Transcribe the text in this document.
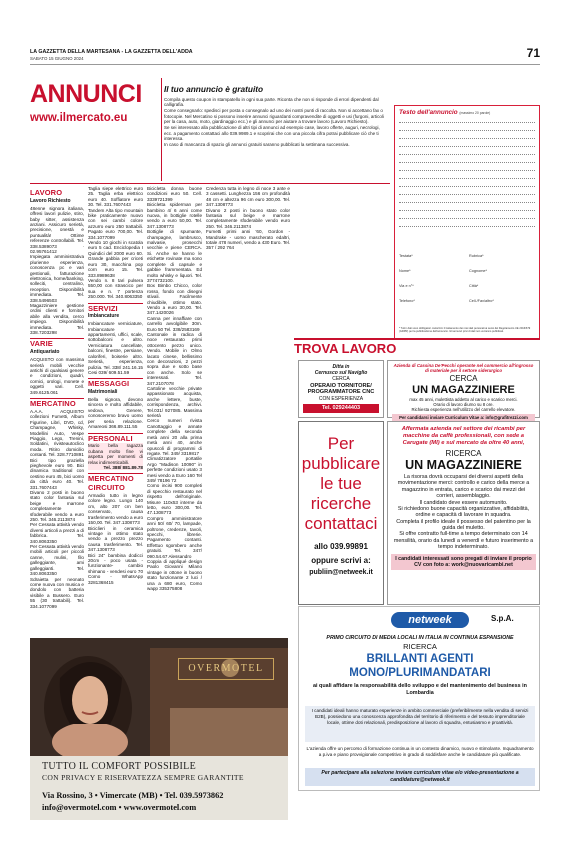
LA GAZZETTA DELLA MARTESANA - LA GAZZETTA DELL'ADDA
SABATO 15 GIUGNO 2024	71
ANNUNCI
www.ilmercato.eu
Il tuo annuncio è gratuito

Compila questo coupon in stampatello in ogni sua parte. Riconta che non si risponde di errori dipendenti dal calligrafia.

Come consegnarlo: spedisci per posta o consegnalo ad uno dei nostri punti di raccolta. Non si accettano fax o fotocopie. Nel Mercatino si possono inserire annunci riguardanti compravendite di oggetti e usi (furgoni, articoli per la casa, auto, moto, giardinaggio ecc.) e gli annunci per aiutare a trovare lavoro (Lavoro Richiesto).

Se sei interessato alla pubblicazione di altri tipi di annunci ad esempio case, lavoro offerte, auguri, necrologi, ecc. a pagamento contattaci allo 039.9989.1 e scoprirai che con una piccola cifra potrai pubblicare ciò che ti interessa.

In caso di mancanza di spazio gli annunci gratuiti saranno pubblicati la settimana successiva.

Testo dell'annuncio (massimo 20 parole)
Testata*	Rubrica*
Nome*	Cognome*
Via e n°*	Città*
Telefono*	Cell./Fax/altro*
* Tutti i dati sono obbligatori. Autorizzo il trattamento dei miei dati personali ai sensi del Regolamento UE 2016/679 (GDPR) per la pubblicazione dell'annuncio. Gli annunci privi di dati non verranno pubblicati.
LAVORO
Lavoro Richiesto

48enne signora italiana, offresi lavori pulizie, stiro, baby sitter, assistenza anziani. Assicuro serietà, precisione, onestà e puntualità! Ottime referenze controllabili. Tel. 338.5389073 · 02.95761412

Impiegata amministrativa plurienne esperienza, conoscenza pc e vari gestionali, fatturazione elettronica, home/banking, solleciti, centralino, reception. Disponibilità immediata. Tel. 338.5496503

Magazziniere gestione ordini clienti e fornitori abile alla vendita, cerco impiego. Disponibilità immediata. Tel. 338.7203298

VARIE
Antiquariato

ACQUISTO con massima serietà mobili vecchie antichi di qualsiasi genere e condizioni, quadri, cornici, orologi, monete e oggetti vari. Cell. 349.6125.061

MERCATINO

A.A.A. ACQUISTO collezioni Fumetti, Album Figurine, Libri, DVD, cd, Champagne, Whisky, Modellini Auto, Vespe Piaggio, Lego, Trenini, Soldatini, rivisteautoclico moda. Ritiro domicilio contanti. Tel. 328.7710891

Bici tipo graziella pieghevole euro 90. Bici dinamica traditional con cestino euro 45, bici uomo da città euro 40. Tel. 331.7607443

Divano 2 posti in buono stato color fantasia sul beige e marrone completamente sfoderabile vendo a euro 250. Tel. 346.2113874

Per Cessata attività vendo diversi articoli a prezzi a di fabbrica. Tel. 340.8063350

Per Cessata attività vendo mobili articoli per piccoli canne, mulini, filo galleggiante, ami galleggianti. Tel. 340.8063350

Sdraietta per neonato come nuova con musica e dondolo con batteria visibile a Bussero. Euro 55 (30 trattabili). Tel. 334.1077099

Taglia siepe elettrico euro 25. Taglia erba elettrico euro 40. Soffiatore euro 30. Tel. 331.7607443

Tandem Alta tipo mountain bike praticamente nuovo con sei cambi colore azzurro euro 250 trattabili. Pagato euro 700,00. Tel. 334.1077099

Vendo 10 giochi in scatola euro 5 cad. Enciclopedia I Quindici del 2000 euro 60. Grande gabbia per criceti euro 30, macchina pop corn euro 15. Tel. 333.8989638

Vendo n. 8 tari pulsera 550,00 con strascico per sua e n. 7 portenza 250.000. Tel. 340.8063350

SERVIZI
Imbiancature

Imbiancature verniciature, Imbiancature appartamenti, uffici, scale, sottobalconi e altro. Verniciatura cancellate, balconi, finestre, persiane, caloriferi, boiserie altro. Serietà, esperienza, pulizia. Tel. 338/ 241.16.15 Cesi 039/ 609.51.59

MESSAGGI
Matrimoniali

Bella signora, devono sincera e molto affidabile, vedova, Genere, conosceremo bravo uomo per seria relazione. Amareosi 366.89.111.55

PERSONALI

Mario bella ragazza cubana molto fine vi aspetta per momenti di relax indimenticabili.

Tel. 388/ 881.89.78

MERCATINO CIRCUITO

Armadio tutto in legno colore legno. Lungo 140 cm, alto 207 cm ben conservato, causa trasferimento vendo a euro 150,00. Tel. 347.1308773

Biciclieri in ceramica vintage in ottimo stato vendo a prezzo prezzo causa trasferimento. Tel. 347.1308773

Bici 24" bambina dodicci 20cm - poco usata - funzionante- cambio shimano - vendesi euro 70 Como - WhatsApp 3281368415

Bicicletta donna buone condizioni euro 50. Cell. 3339721399

Bicicletta spiderman per bambino 4/ 6 anni come nuova, in bottiglie rotelle vendo a euro 50,00. Tel. 347.1308773

Bottiglie di spumante, champagne, lambrusco, malvasie, prosecchi vecchie e piene CERCA. Si. Anche se hanno le etichette rovinate ma sono complete di capsule e gabbie frammentata. Ed molto whisky e liquori. Tel. 3774732100.

Box Bimbo Chicco, color rosso, fondo con disegni stivali. Facilmente chiudibile, ottimo stato. Vendo a euro 30,00. Tel. 347.1420026

Canna per innaffiare con carrello avvolgibile 30m. Euro 50 Tel. 338/2583169

Cantonale in radica di noce restaurato primi ottocento pezzo unico. Vendo. Mobile in Olmo lacato cinese, bellissimo con decorazioni, 2 pezzi sopra due e sotto base con anche. Solo se interessati. Tel. 347.2107078

Cartoline vecchie private appassionato acquista, anche lettere, buste, corrispondenza, archivi. Tel.031/ 927085. Massima serietà

Cerco numeri rivista Canottaggio e annate complete della seconda metà anni 20 alla prima metà anni 40, anche opuscoli di programmi di regate. Tel. 349/ 3319817

Climatizzatore portatile Argo "Madison 10090" in perfette condizioni usato 3 mesi vendo a Euro 160 Tel 349/ 78196 72

Como incisi 900 completi di specchio restaurato nel rispetto dell'originale. Misure 110x53 interne da letto, euro 300,00. Tel. 47.1308773

Compro amministratore anni 50/ 60/ 70, lampade, poltrone, credenze, tavoli, specchi, librerie. Pagamento contanti. Effettuo sgombero anche gratuiti. Tel. 347/ 090.54.67 Alessandro

Coppia di appliqué design Paolo Giovanni Milano vintage in ottone in buono stato funzionante 2 luci / una a 680 euro, Como wapp 335375808

Credenza tutta in legno di noce 3 ante e 3 cassetti. Lunghezza 156 cm profondità 48 cm e altezza 96 cm euro 300,00. Tel. 347.1308773

Divano 2 posti in buono stato color fantasia sul beige e marrone completamente sfoderabile vendo euro 250. Tel. 346.2113874

Fumetti primi anni '60, Gordon - Mandrake - uomo mascherato edaltri, totale 478 numeri, vendo a 430 Euro. Tel. 357 / 292 764

TROVA LAVORO
Ditta in
Cernusco sul Naviglio
CERCA
OPERAIO TORNITORE/ PROGRAMMATORE CNC
CON ESPERIENZA
Tel. 029244403
Azienda di Cassina De'Pecchi operante nel commercio all'ingrosso di materiale per il settore siderurgico
CERCA
UN MAGAZZINIERE
max 45 anni, mulettista addetto al carico e scarico merci.
Orario di lavoro diurno su 8 ore.
Richiesta esperienza nell'utilizzo del carrello elevatore.
Per candidarsi inviare Curriculum Vitae a: info@grafitrezzi.com
Per
pubblicare
le tue
ricerche
contattaci
allo 039.99891
oppure scrivi a:
publiin@netweek.it
Affermata azienda nel settore dei ricambi per macchine da caffè professionali, con sede a Carugate (MI) e sul mercato da oltre 40 anni,
RICERCA
UN MAGAZZINIERE
La risorsa dovrà occuparsi dei diversi aspetti della movimentazione merci: controllo e carico della merce a magazzino in entrata, carico e scarico dai mezzi dei corrieri, assemblaggio.
Il candidato deve essere automunito.
Si richiedono buone capacità organizzative, affidabilità, ordine e capacità di lavorare in squadra.
Completa il profilo ideale il possesso del patentino per la guida del muletto.
Si offre contratto full-time a tempo determinato con 14 mensilità, orario da lunedì a venerdì e futuro inserimento a tempo indeterminato.
I candidati interessati sono pregati di inviare il proprio CV con foto a: work@nuovaricambi.net
netweek	S.p.A.
PRIMO CIRCUITO DI MEDIA LOCALI IN ITALIA IN CONTINUA ESPANSIONE
RICERCA
BRILLANTI AGENTI
MONO/PLURIMANDATARI
ai quali affidare la responsabilità dello sviluppo e del mantenimento del business in Lombardia
I candidati ideali hanno maturato esperienze in ambito commerciale (preferibilmente nella vendita di servizi B2B), possiedono una conoscenza approfondita del territorio di riferimento e del tessuto imprenditoriale locale, ottime doti relazionali, predisposizione al lavoro di squadra, entusiasmo e proattività.
L'azienda offre un percorso di formazione continua in un contesto dinamico, nuovo e stimolante. Inquadramento a p.iva e piano provvigionale competitivo in grado di soddisfare anche le candidature più qualificate.
Per partecipare alla selezione inviare curriculum vitae e/o video-presentazione a candidature@netweek.it
OVERMOTEL
TUTTO IL COMFORT POSSIBILE
CON PRIVACY E RISERVATEZZA SEMPRE GARANTITE
Via Rossino, 3 • Vimercate (MB) • Tel. 039.5973862
info@overmotel.com • www.overmotel.com
